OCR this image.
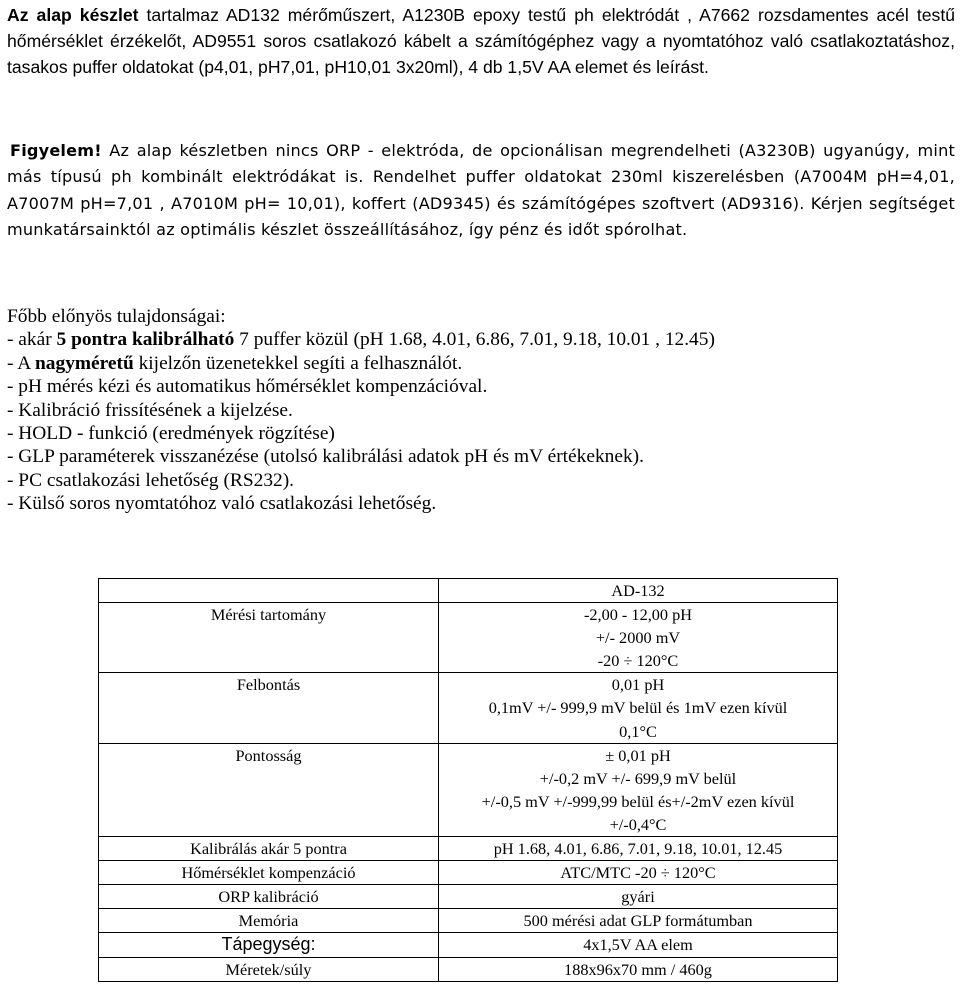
Az alap készlet tartalmaz AD132 mérőműszert, A1230B epoxy testű ph elektródát , A7662 rozsdamentes acél testű hőmérséklet érzékelőt, AD9551 soros csatlakozó kábelt a számítógéphez vagy a nyomtatóhoz való csatlakoztatáshoz, tasakos puffer oldatokat (p4,01, pH7,01, pH10,01 3x20ml), 4 db 1,5V AA elemet és leírást.

Figyelem! Az alap készletben nincs ORP - elektróda, de opcionálisan megrendelheti (A3230B) ugyanúgy, mint más típusú ph kombinált elektródákat is. Rendelhet puffer oldatokat 230ml kiszerelésben (A7004M pH=4,01, A7007M pH=7,01 , A7010M pH= 10,01), koffert (AD9345) és számítógépes szoftvert (AD9316). Kérjen segítséget munkatársainktól az optimális készlet összeállításához, így pénz és időt spórolhat.

Főbb előnyös tulajdonságai:
- akár 5 pontra kalibrálható 7 puffer közül (pH 1.68, 4.01, 6.86, 7.01, 9.18, 10.01 , 12.45)
- A nagyméretű kijelzőn üzenetekkel segíti a felhasználót.
- pH mérés kézi és automatikus hőmérséklet kompenzációval.
- Kalibráció frissítésének a kijelzése.
- HOLD - funkció (eredmények rögzítése)
- GLP paraméterek visszanézése (utolsó kalibrálási adatok pH és mV értékeknek).
- PC csatlakozási lehetőség (RS232).
- Külső soros nyomtatóhoz való csatlakozási lehetőség.

	AD-132

Mérési tartomány	-2,00 - 12,00 pH
+/- 2000 mV
-20 ÷ 120°C

Felbontás	0,01 pH
0,1mV +/- 999,9 mV belül és 1mV ezen kívül
0,1°C

Pontosság	± 0,01 pH
+/-0,2 mV +/- 699,9 mV belül
+/-0,5 mV +/-999,99 belül és+/-2mV ezen kívül
+/-0,4°C

Kalibrálás akár 5 pontra	pH 1.68, 4.01, 6.86, 7.01, 9.18, 10.01, 12.45

Hőmérséklet kompenzáció	ATC/MTC -20 ÷ 120°C

ORP kalibráció	gyári

Memória	500 mérési adat GLP formátumban

Tápegység:	4x1,5V AA elem

Méretek/súly	188x96x70 mm / 460g
